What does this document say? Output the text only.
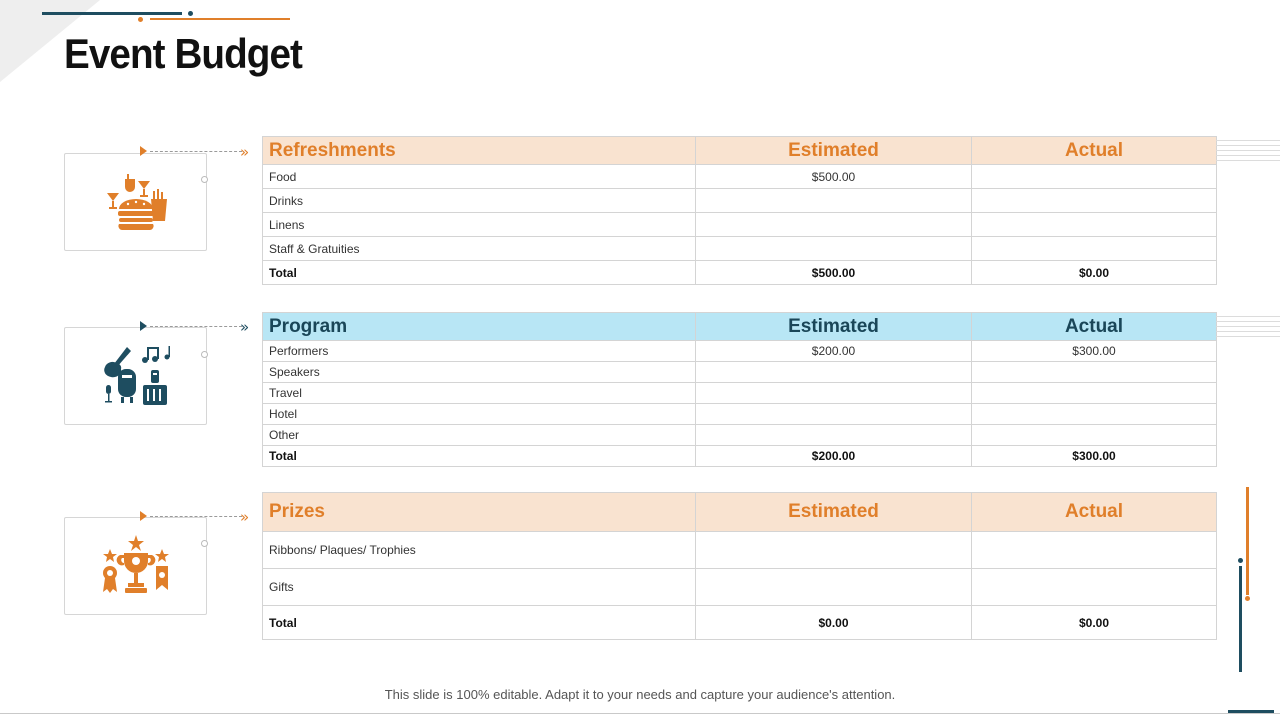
Event Budget
» Refreshments	Estimated	Actual
Food	$500.00	
Drinks		
Linens		
Staff & Gratuities		
Total	$500.00	$0.00
» Program	Estimated	Actual
Performers	$200.00	$300.00
Speakers		
Travel		
Hotel		
Other		
Total	$200.00	$300.00
» Prizes	Estimated	Actual
Ribbons/ Plaques/ Trophies		
Gifts		
Total	$0.00	$0.00
This slide is 100% editable. Adapt it to your needs and capture your audience's attention.
